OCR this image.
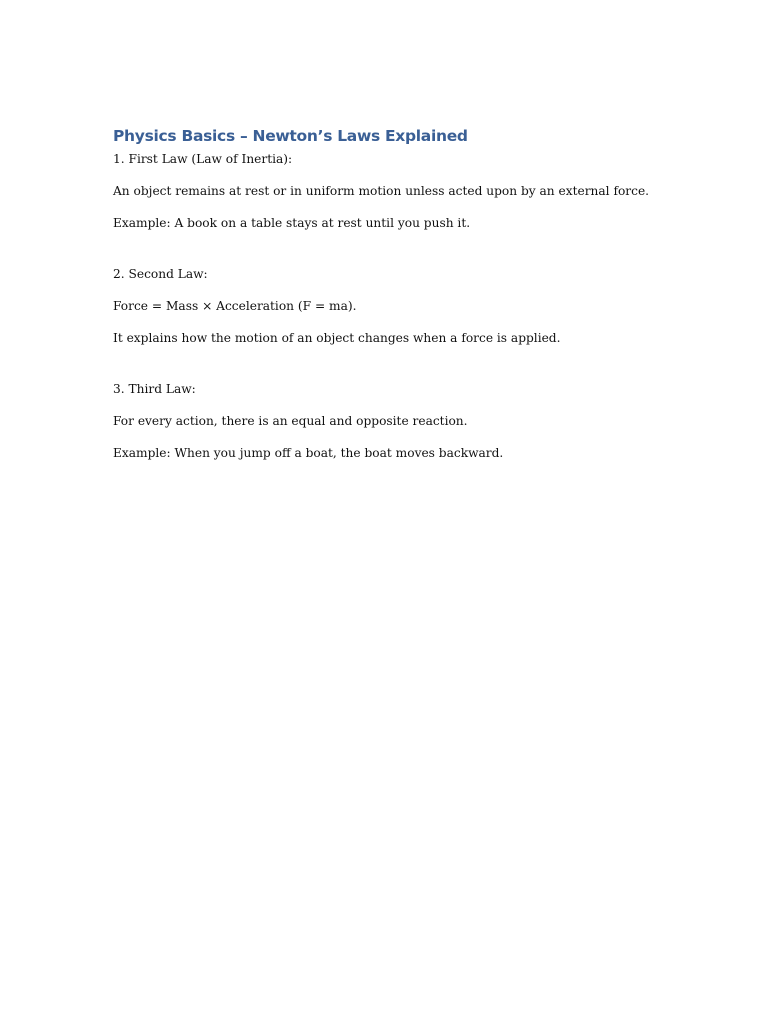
Physics Basics – Newton’s Laws Explained

1. First Law (Law of Inertia):

An object remains at rest or in uniform motion unless acted upon by an external force.

Example: A book on a table stays at rest until you push it.

2. Second Law:

Force = Mass × Acceleration (F = ma).

It explains how the motion of an object changes when a force is applied.

3. Third Law:

For every action, there is an equal and opposite reaction.

Example: When you jump off a boat, the boat moves backward.
